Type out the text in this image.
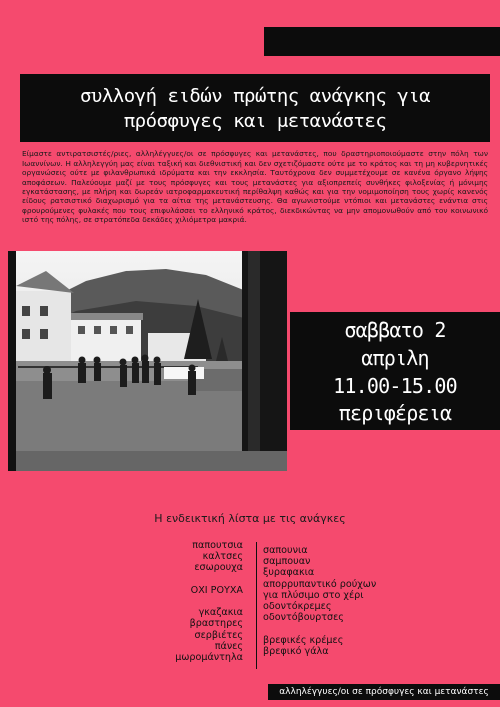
συλλογή ειδών πρώτης ανάγκης για
πρόσφυγες και μετανάστες

Είμαστε αντιρατσιστές/ριες, αλληλέγγυες/οι σε πρόσφυγες και μετανάστες, που δραστηριοποιούμαστε στην πόλη των Ιωαννίνων. Η αλληλεγγύη μας είναι ταξική και διεθνιστική και δεν σχετιζόμαστε ούτε με το κράτος και τη μη κυβερνητικές οργανώσεις ούτε με φιλανθρωπικά ιδρύματα και την εκκλησία. Ταυτόχρονα δεν συμμετέχουμε σε κανένα όργανο λήψης αποφάσεων. Παλεύουμε μαζί με τους πρόσφυγες και τους μετανάστες για αξιοπρεπείς συνθήκες φιλοξενίας ή μόνιμης εγκατάστασης, με πλήρη και δωρεάν ιατροφαρμακευτική περίθαλψη καθώς και για την νομιμοποίηση τους χωρίς κανενός είδους ρατσιστικό διαχωρισμό για τα αίτια της μετανάστευσης. Θα αγωνιστούμε ντόπιοι και μετανάστες ενάντια στις φρουρούμενες φυλακές που τους επιφυλάσσει το ελληνικό κράτος, διεκδικώντας να μην απομονωθούν από τον κοινωνικό ιστό της πόλης, σε στρατόπεδα δεκάδες χιλιόμετρα μακριά.

σαββατο 2
απριλη
11.00-15.00
περιφέρεια
Η ενδεικτική λίστα με τις ανάγκες
παπουτσια
καλτσες
εσωρουχα
ΟΧΙ ΡΟΥΧΑ
γκαζακια
βραστηρες
σερβιέτες
πάνες
μωρομάντηλα
σαπουνια
σαμπουαν
ξυραφακια
απορρυπαντικό ρούχων
για πλύσιμο στο χέρι
οδοντόκρεμες
οδοντόβουρτσες
βρεφικές κρέμες
βρεφικό γάλα
αλληλέγγυες/οι σε πρόσφυγες και μετανάστες
